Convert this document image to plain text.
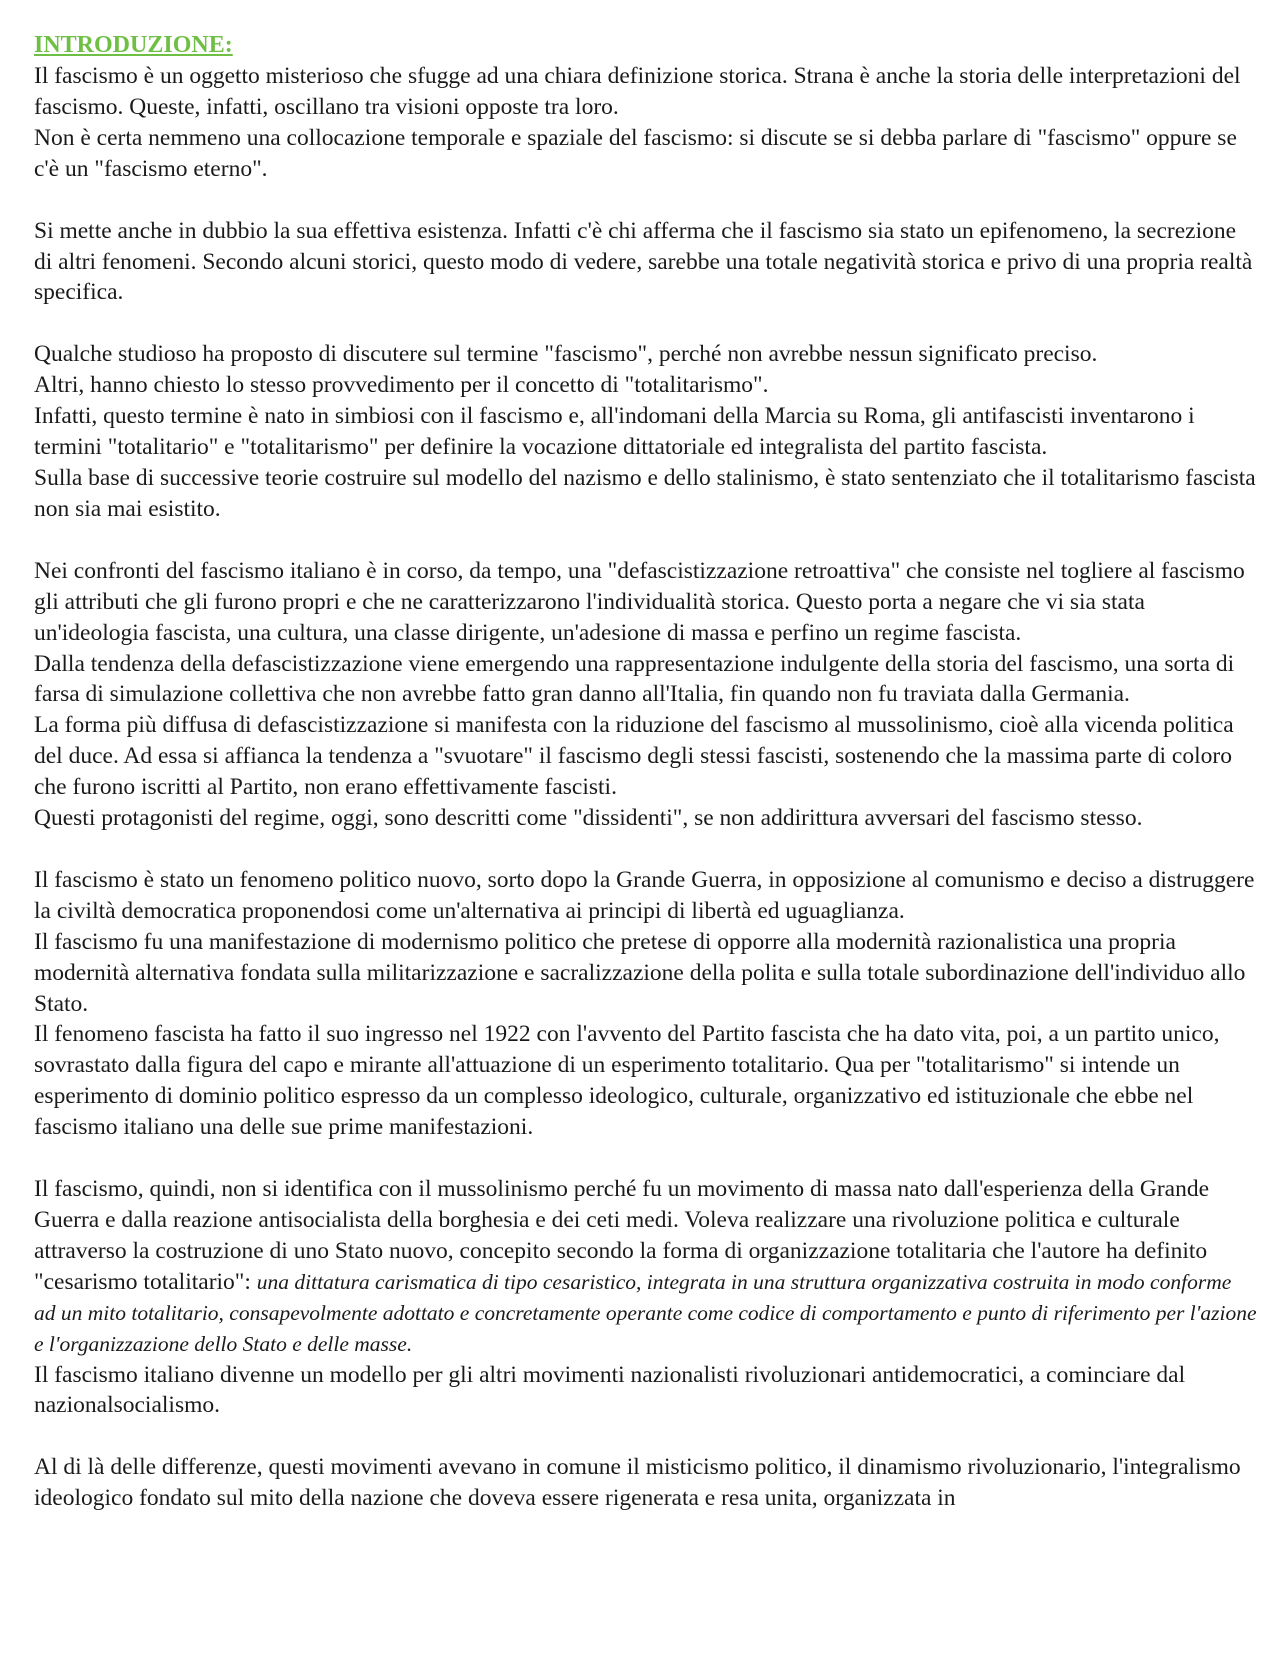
INTRODUZIONE:

Il fascismo è un oggetto misterioso che sfugge ad una chiara definizione storica. Strana è anche la storia delle interpretazioni del fascismo. Queste, infatti, oscillano tra visioni opposte tra loro.
Non è certa nemmeno una collocazione temporale e spaziale del fascismo: si discute se si debba parlare di "fascismo" oppure se c'è un "fascismo eterno".
Si mette anche in dubbio la sua effettiva esistenza. Infatti c'è chi afferma che il fascismo sia stato un epifenomeno, la secrezione di altri fenomeni. Secondo alcuni storici, questo modo di vedere, sarebbe una totale negatività storica e privo di una propria realtà specifica.
Qualche studioso ha proposto di discutere sul termine "fascismo", perché non avrebbe nessun significato preciso.
Altri, hanno chiesto lo stesso provvedimento per il concetto di "totalitarismo".
Infatti, questo termine è nato in simbiosi con il fascismo e, all'indomani della Marcia su Roma, gli antifascisti inventarono i termini "totalitario" e "totalitarismo" per definire la vocazione dittatoriale ed integralista del partito fascista.
Sulla base di successive teorie costruire sul modello del nazismo e dello stalinismo, è stato sentenziato che il totalitarismo fascista non sia mai esistito.
Nei confronti del fascismo italiano è in corso, da tempo, una "defascistizzazione retroattiva" che consiste nel togliere al fascismo gli attributi che gli furono propri e che ne caratterizzarono l'individualità storica. Questo porta a negare che vi sia stata un'ideologia fascista, una cultura, una classe dirigente, un'adesione di massa e perfino un regime fascista.
Dalla tendenza della defascistizzazione viene emergendo una rappresentazione indulgente della storia del fascismo, una sorta di farsa di simulazione collettiva che non avrebbe fatto gran danno all'Italia, fin quando non fu traviata dalla Germania.
La forma più diffusa di defascistizzazione si manifesta con la riduzione del fascismo al mussolinismo, cioè alla vicenda politica del duce. Ad essa si affianca la tendenza a "svuotare" il fascismo degli stessi fascisti, sostenendo che la massima parte di coloro che furono iscritti al Partito, non erano effettivamente fascisti.
Questi protagonisti del regime, oggi, sono descritti come "dissidenti", se non addirittura avversari del fascismo stesso.
Il fascismo è stato un fenomeno politico nuovo, sorto dopo la Grande Guerra, in opposizione al comunismo e deciso a distruggere la civiltà democratica proponendosi come un'alternativa ai principi di libertà ed uguaglianza.
Il fascismo fu una manifestazione di modernismo politico che pretese di opporre alla modernità razionalistica una propria modernità alternativa fondata sulla militarizzazione e sacralizzazione della polita e sulla totale subordinazione dell'individuo allo Stato.
Il fenomeno fascista ha fatto il suo ingresso nel 1922 con l'avvento del Partito fascista che ha dato vita, poi, a un partito unico, sovrastato dalla figura del capo e mirante all'attuazione di un esperimento totalitario. Qua per "totalitarismo" si intende un esperimento di dominio politico espresso da un complesso ideologico, culturale, organizzativo ed istituzionale che ebbe nel fascismo italiano una delle sue prime manifestazioni.
Il fascismo, quindi, non si identifica con il mussolinismo perché fu un movimento di massa nato dall'esperienza della Grande Guerra e dalla reazione antisocialista della borghesia e dei ceti medi. Voleva realizzare una rivoluzione politica e culturale attraverso la costruzione di uno Stato nuovo, concepito secondo la forma di organizzazione totalitaria che l'autore ha definito "cesarismo totalitario": una dittatura carismatica di tipo cesaristico, integrata in una struttura organizzativa costruita in modo conforme ad un mito totalitario, consapevolmente adottato e concretamente operante come codice di comportamento e punto di riferimento per l'azione e l'organizzazione dello Stato e delle masse.
Il fascismo italiano divenne un modello per gli altri movimenti nazionalisti rivoluzionari antidemocratici, a cominciare dal nazionalsocialismo.
Al di là delle differenze, questi movimenti avevano in comune il misticismo politico, il dinamismo rivoluzionario, l'integralismo ideologico fondato sul mito della nazione che doveva essere rigenerata e resa unita, organizzata in
